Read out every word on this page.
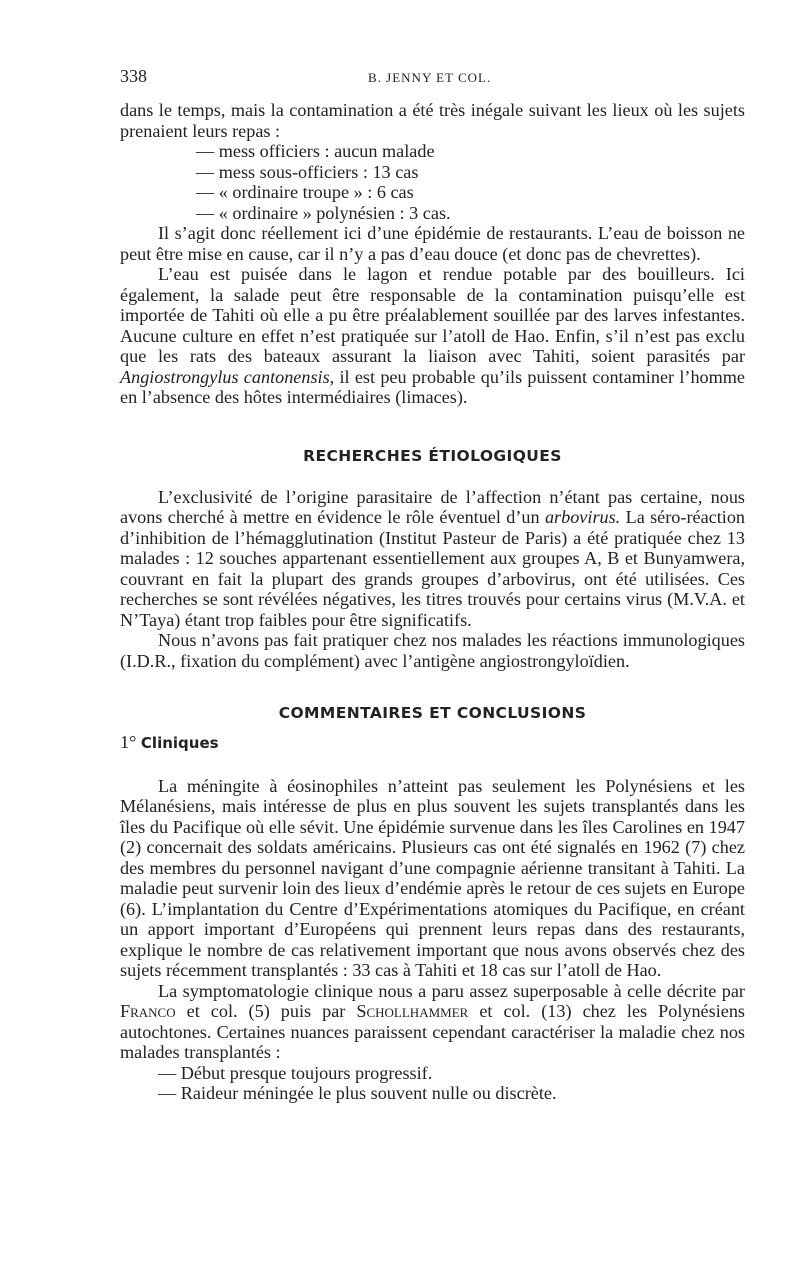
338	B. JENNY ET COL.

dans le temps, mais la contamination a été très inégale suivant les lieux où les sujets prenaient leurs repas :

— mess officiers : aucun malade
— mess sous-officiers : 13 cas
— « ordinaire troupe » : 6 cas
— « ordinaire » polynésien : 3 cas.

Il s’agit donc réellement ici d’une épidémie de restaurants. L’eau de boisson ne peut être mise en cause, car il n’y a pas d’eau douce (et donc pas de chevrettes).

L’eau est puisée dans le lagon et rendue potable par des bouilleurs. Ici également, la salade peut être responsable de la contamination puisqu’elle est importée de Tahiti où elle a pu être préalablement souillée par des larves infestantes. Aucune culture en effet n’est pratiquée sur l’atoll de Hao. Enfin, s’il n’est pas exclu que les rats des bateaux assurant la liaison avec Tahiti, soient parasités par Angiostrongylus cantonensis, il est peu probable qu’ils puissent contaminer l’homme en l’absence des hôtes intermédiaires (limaces).

RECHERCHES ÉTIOLOGIQUES

L’exclusivité de l’origine parasitaire de l’affection n’étant pas certaine, nous avons cherché à mettre en évidence le rôle éventuel d’un arbovirus. La séro-réaction d’inhibition de l’hémagglutination (Institut Pasteur de Paris) a été pratiquée chez 13 malades : 12 souches appartenant essentiellement aux groupes A, B et Bunyamwera, couvrant en fait la plupart des grands groupes d’arbovirus, ont été utilisées. Ces recherches se sont révélées négatives, les titres trouvés pour certains virus (M.V.A. et N’Taya) étant trop faibles pour être significatifs.

Nous n’avons pas fait pratiquer chez nos malades les réactions immunologiques (I.D.R., fixation du complément) avec l’antigène angiostrongyloïdien.

COMMENTAIRES ET CONCLUSIONS
1° Cliniques

La méningite à éosinophiles n’atteint pas seulement les Polynésiens et les Mélanésiens, mais intéresse de plus en plus souvent les sujets transplantés dans les îles du Pacifique où elle sévit. Une épidémie survenue dans les îles Carolines en 1947 (2) concernait des soldats américains. Plusieurs cas ont été signalés en 1962 (7) chez des membres du personnel navigant d’une compagnie aérienne transitant à Tahiti. La maladie peut survenir loin des lieux d’endémie après le retour de ces sujets en Europe (6). L’implantation du Centre d’Expérimentations atomiques du Pacifique, en créant un apport important d’Européens qui prennent leurs repas dans des restaurants, explique le nombre de cas relativement important que nous avons observés chez des sujets récemment transplantés : 33 cas à Tahiti et 18 cas sur l’atoll de Hao.

La symptomatologie clinique nous a paru assez superposable à celle décrite par Franco et col. (5) puis par Schollhammer et col. (13) chez les Polynésiens autochtones. Certaines nuances paraissent cependant caractériser la maladie chez nos malades transplantés :

— Début presque toujours progressif.
— Raideur méningée le plus souvent nulle ou discrète.
